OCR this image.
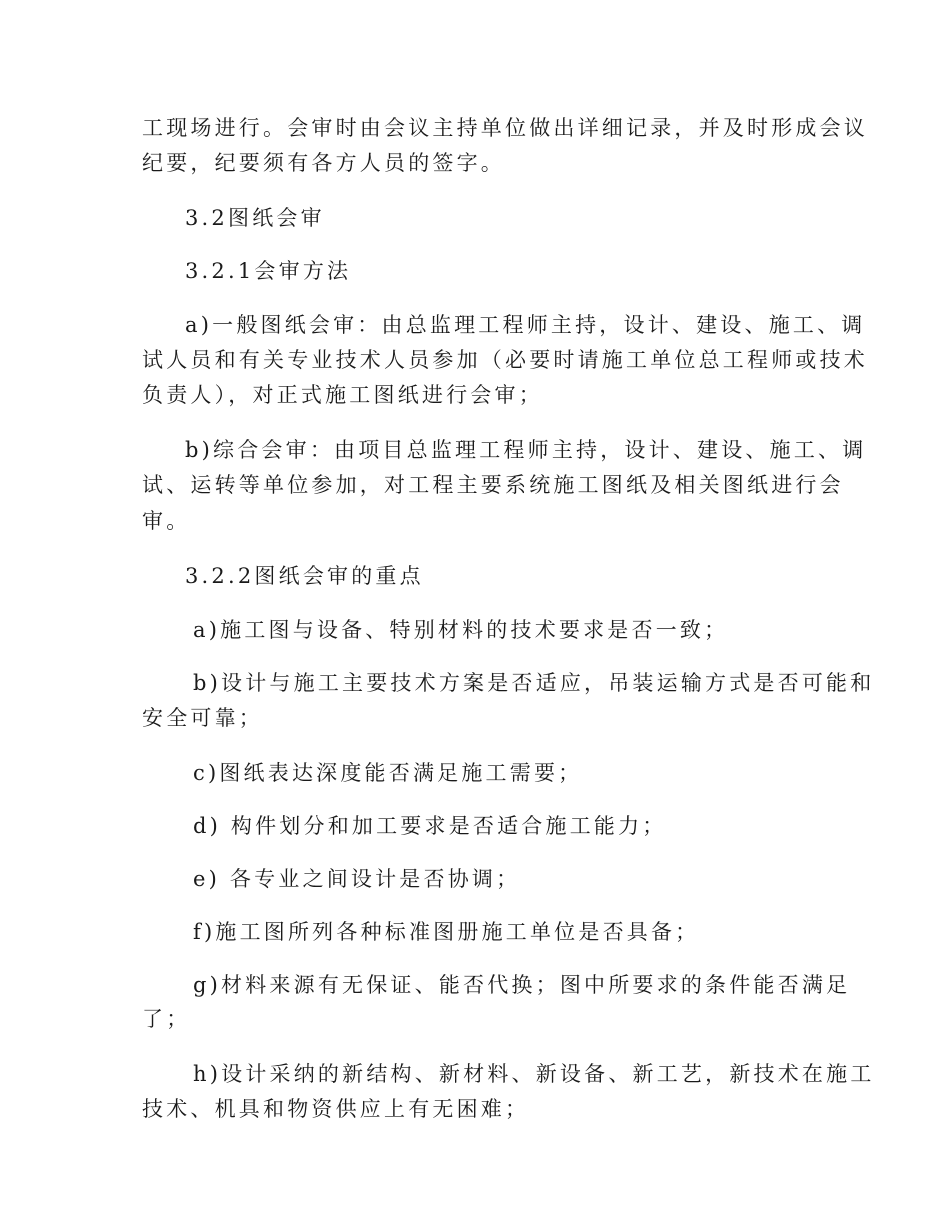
工现场进行。会审时由会议主持单位做出详细记录，并及时形成会议
纪要，纪要须有各方人员的签字。
3.2图纸会审
3.2.1会审方法
a)一般图纸会审：由总监理工程师主持，设计、建设、施工、调
试人员和有关专业技术人员参加（必要时请施工单位总工程师或技术
负责人），对正式施工图纸进行会审；
b)综合会审：由项目总监理工程师主持，设计、建设、施工、调
试、运转等单位参加，对工程主要系统施工图纸及相关图纸进行会
审。
3.2.2图纸会审的重点
a)施工图与设备、特别材料的技术要求是否一致；
b)设计与施工主要技术方案是否适应，吊装运输方式是否可能和
安全可靠；
c)图纸表达深度能否满足施工需要；
d) 构件划分和加工要求是否适合施工能力；
e) 各专业之间设计是否协调；
f)施工图所列各种标准图册施工单位是否具备；
g)材料来源有无保证、能否代换；图中所要求的条件能否满足
了；
h)设计采纳的新结构、新材料、新设备、新工艺，新技术在施工
技术、机具和物资供应上有无困难；
